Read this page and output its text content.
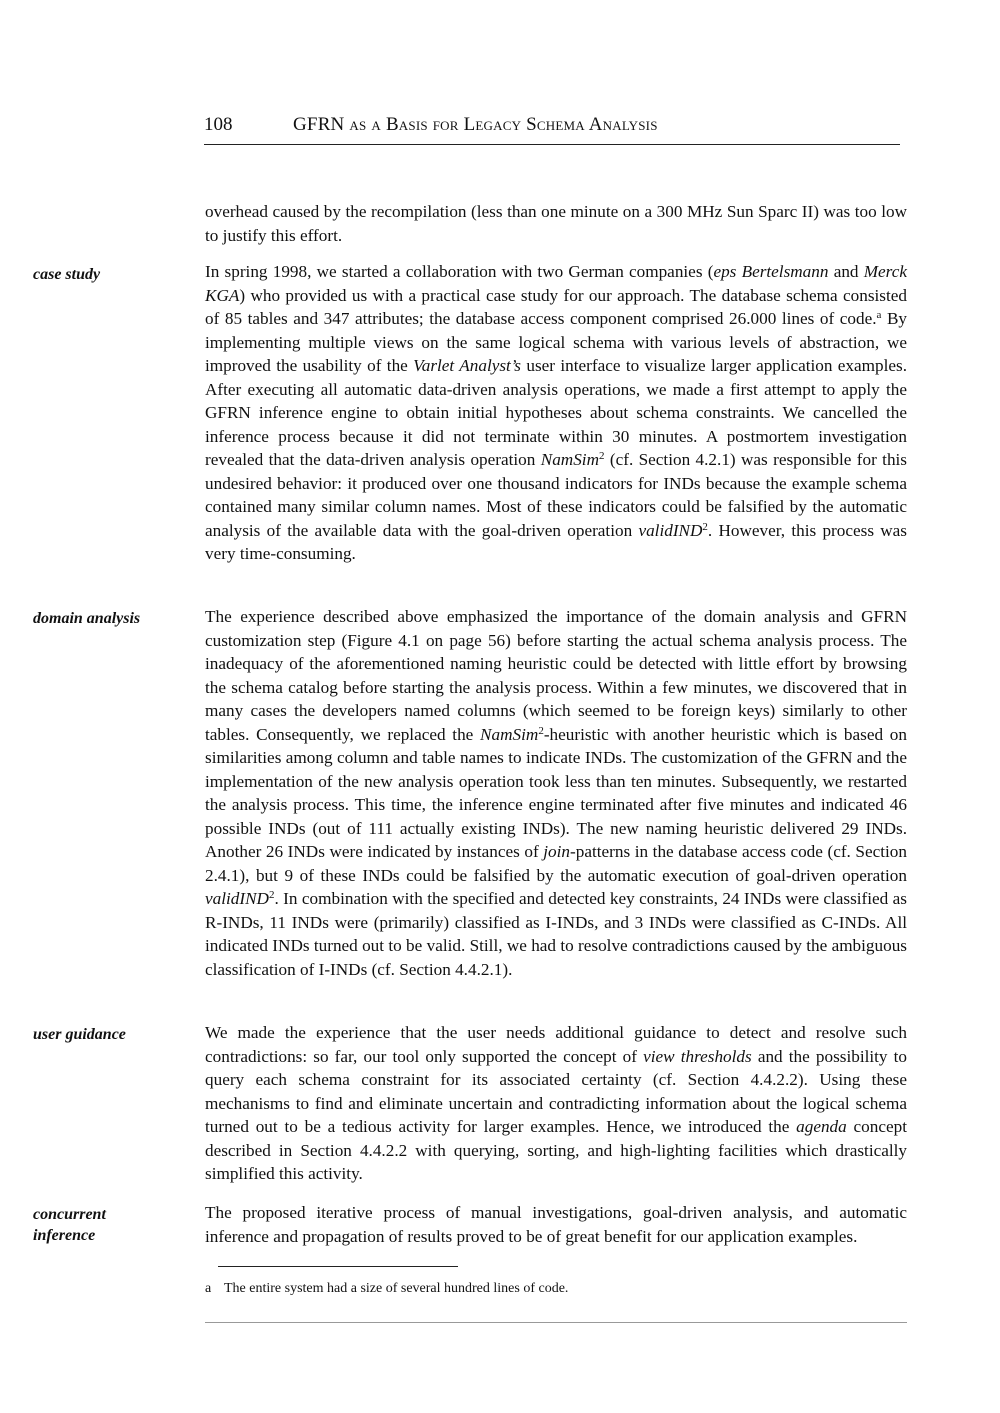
108	GFRN as a Basis for Legacy Schema Analysis

overhead caused by the recompilation (less than one minute on a 300 MHz Sun Sparc II) was too low to justify this effort.

case study	In spring 1998, we started a collaboration with two German companies (eps Bertelsmann and Merck KGA) who provided us with a practical case study for our approach. The database schema consisted of 85 tables and 347 attributes; the database access component comprised 26.000 lines of code.$^a$ By implementing multiple views on the same logical schema with various levels of abstraction, we improved the usability of the Varlet Analyst’s user interface to visualize larger application examples. After executing all automatic data-driven analysis operations, we made a first attempt to apply the GFRN inference engine to obtain initial hypotheses about schema constraints. We cancelled the inference process because it did not terminate within 30 minutes. A postmortem investigation revealed that the data-driven analysis operation NamSim$^2$ (cf. Section 4.2.1) was responsible for this undesired behavior: it produced over one thousand indicators for INDs because the example schema contained many similar column names. Most of these indicators could be falsified by the automatic analysis of the available data with the goal-driven operation validIND$^2$. However, this process was very time-consuming.

domain analysis	The experience described above emphasized the importance of the domain analysis and GFRN customization step (Figure 4.1 on page 56) before starting the actual schema analysis process. The inadequacy of the aforementioned naming heuristic could be detected with little effort by browsing the schema catalog before starting the analysis process. Within a few minutes, we discovered that in many cases the developers named columns (which seemed to be foreign keys) similarly to other tables. Consequently, we replaced the NamSim$^2$-heuristic with another heuristic which is based on similarities among column and table names to indicate INDs. The customization of the GFRN and the implementation of the new analysis operation took less than ten minutes. Subsequently, we restarted the analysis process. This time, the inference engine terminated after five minutes and indicated 46 possible INDs (out of 111 actually existing INDs). The new naming heuristic delivered 29 INDs. Another 26 INDs were indicated by instances of join-patterns in the database access code (cf. Section 2.4.1), but 9 of these INDs could be falsified by the automatic execution of goal-driven operation validIND$^2$. In combination with the specified and detected key constraints, 24 INDs were classified as R-INDs, 11 INDs were (primarily) classified as I-INDs, and 3 INDs were classified as C-INDs. All indicated INDs turned out to be valid. Still, we had to resolve contradictions caused by the ambiguous classification of I-INDs (cf. Section 4.4.2.1).

user guidance	We made the experience that the user needs additional guidance to detect and resolve such contradictions: so far, our tool only supported the concept of view thresholds and the possibility to query each schema constraint for its associated certainty (cf. Section 4.4.2.2). Using these mechanisms to find and eliminate uncertain and contradicting information about the logical schema turned out to be a tedious activity for larger examples. Hence, we introduced the agenda concept described in Section 4.4.2.2 with querying, sorting, and high-lighting facilities which drastically simplified this activity.

concurrent
inference

The proposed iterative process of manual investigations, goal-driven analysis, and automatic inference and propagation of results proved to be of great benefit for our application examples.

a The entire system had a size of several hundred lines of code.
